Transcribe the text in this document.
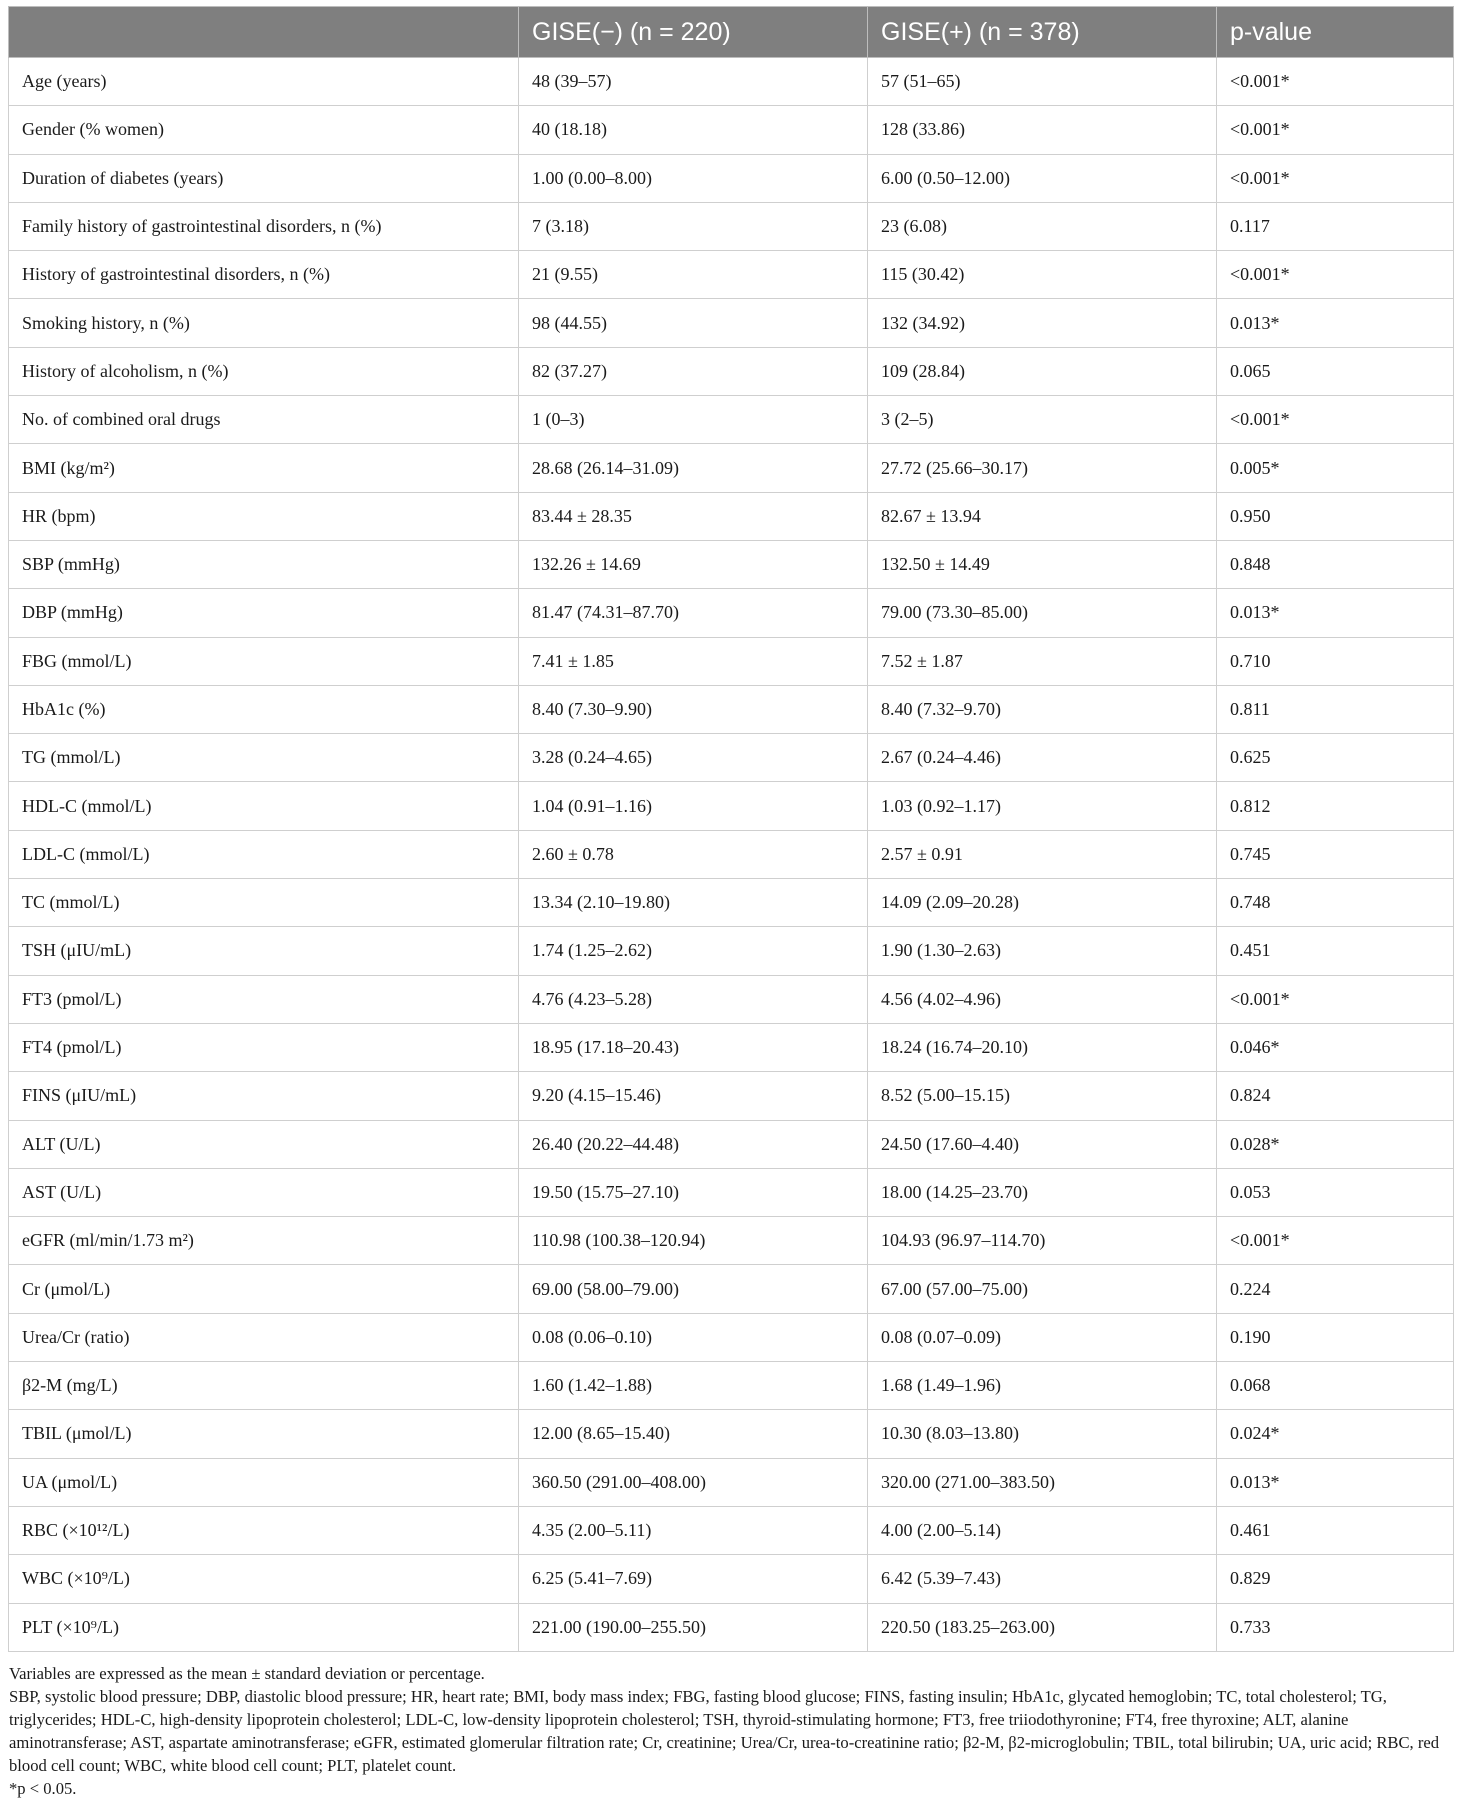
	GISE(−) (n = 220)	GISE(+) (n = 378)	p-value
Age (years)	48 (39–57)	57 (51–65)	<0.001*
Gender (% women)	40 (18.18)	128 (33.86)	<0.001*
Duration of diabetes (years)	1.00 (0.00–8.00)	6.00 (0.50–12.00)	<0.001*
Family history of gastrointestinal disorders, n (%)	7 (3.18)	23 (6.08)	0.117
History of gastrointestinal disorders, n (%)	21 (9.55)	115 (30.42)	<0.001*
Smoking history, n (%)	98 (44.55)	132 (34.92)	0.013*
History of alcoholism, n (%)	82 (37.27)	109 (28.84)	0.065
No. of combined oral drugs	1 (0–3)	3 (2–5)	<0.001*
BMI (kg/m²)	28.68 (26.14–31.09)	27.72 (25.66–30.17)	0.005*
HR (bpm)	83.44 ± 28.35	82.67 ± 13.94	0.950
SBP (mmHg)	132.26 ± 14.69	132.50 ± 14.49	0.848
DBP (mmHg)	81.47 (74.31–87.70)	79.00 (73.30–85.00)	0.013*
FBG (mmol/L)	7.41 ± 1.85	7.52 ± 1.87	0.710
HbA1c (%)	8.40 (7.30–9.90)	8.40 (7.32–9.70)	0.811
TG (mmol/L)	3.28 (0.24–4.65)	2.67 (0.24–4.46)	0.625
HDL-C (mmol/L)	1.04 (0.91–1.16)	1.03 (0.92–1.17)	0.812
LDL-C (mmol/L)	2.60 ± 0.78	2.57 ± 0.91	0.745
TC (mmol/L)	13.34 (2.10–19.80)	14.09 (2.09–20.28)	0.748
TSH (μIU/mL)	1.74 (1.25–2.62)	1.90 (1.30–2.63)	0.451
FT3 (pmol/L)	4.76 (4.23–5.28)	4.56 (4.02–4.96)	<0.001*
FT4 (pmol/L)	18.95 (17.18–20.43)	18.24 (16.74–20.10)	0.046*
FINS (μIU/mL)	9.20 (4.15–15.46)	8.52 (5.00–15.15)	0.824
ALT (U/L)	26.40 (20.22–44.48)	24.50 (17.60–4.40)	0.028*
AST (U/L)	19.50 (15.75–27.10)	18.00 (14.25–23.70)	0.053
eGFR (ml/min/1.73 m²)	110.98 (100.38–120.94)	104.93 (96.97–114.70)	<0.001*
Cr (μmol/L)	69.00 (58.00–79.00)	67.00 (57.00–75.00)	0.224
Urea/Cr (ratio)	0.08 (0.06–0.10)	0.08 (0.07–0.09)	0.190
β2-M (mg/L)	1.60 (1.42–1.88)	1.68 (1.49–1.96)	0.068
TBIL (μmol/L)	12.00 (8.65–15.40)	10.30 (8.03–13.80)	0.024*
UA (μmol/L)	360.50 (291.00–408.00)	320.00 (271.00–383.50)	0.013*
RBC (×10¹²/L)	4.35 (2.00–5.11)	4.00 (2.00–5.14)	0.461
WBC (×10⁹/L)	6.25 (5.41–7.69)	6.42 (5.39–7.43)	0.829
PLT (×10⁹/L)	221.00 (190.00–255.50)	220.50 (183.25–263.00)	0.733

Variables are expressed as the mean ± standard deviation or percentage.

SBP, systolic blood pressure; DBP, diastolic blood pressure; HR, heart rate; BMI, body mass index; FBG, fasting blood glucose; FINS, fasting insulin; HbA1c, glycated hemoglobin; TC, total cholesterol; TG, triglycerides; HDL-C, high-density lipoprotein cholesterol; LDL-C, low-density lipoprotein cholesterol; TSH, thyroid-stimulating hormone; FT3, free triiodothyronine; FT4, free thyroxine; ALT, alanine aminotransferase; AST, aspartate aminotransferase; eGFR, estimated glomerular filtration rate; Cr, creatinine; Urea/Cr, urea-to-creatinine ratio; β2-M, β2-microglobulin; TBIL, total bilirubin; UA, uric acid; RBC, red blood cell count; WBC, white blood cell count; PLT, platelet count.

*p < 0.05.
